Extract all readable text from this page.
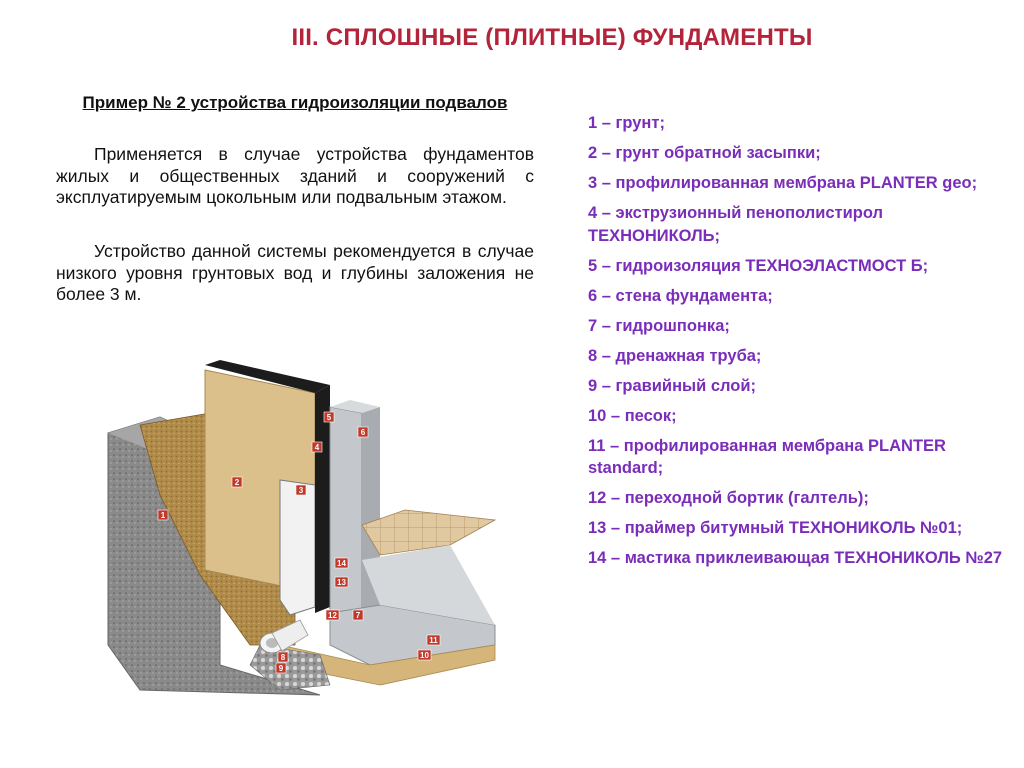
III. СПЛОШНЫЕ (ПЛИТНЫЕ) ФУНДАМЕНТЫ
Пример № 2 устройства гидроизоляции подвалов

Применяется в случае устройства фундаментов жилых и общественных зданий и сооружений с эксплуатируемым цокольным или подвальным этажом.

Устройство данной системы рекомендуется в случае низкого уровня грунтовых вод и глубины заложения не более 3 м.

1 – грунт;
2 – грунт обратной засыпки;
3 – профилированная мембрана PLANTER geo;
4 – экструзионный пенополистирол ТЕХНОНИКОЛЬ;
5 – гидроизоляция ТЕХНОЭЛАСТМОСТ Б;
6 – стена фундамента;
7 – гидрошпонка;
8 – дренажная труба;
9 – гравийный слой;
10 – песок;
11 – профилированная мембрана PLANTER standard;
12 – переходной бортик (галтель);
13 – праймер битумный ТЕХНОНИКОЛЬ №01;
14 – мастика приклеивающая ТЕХНОНИКОЛЬ №27
1
2
3
4
5
6
7
8
9
10
11
12
13
14
